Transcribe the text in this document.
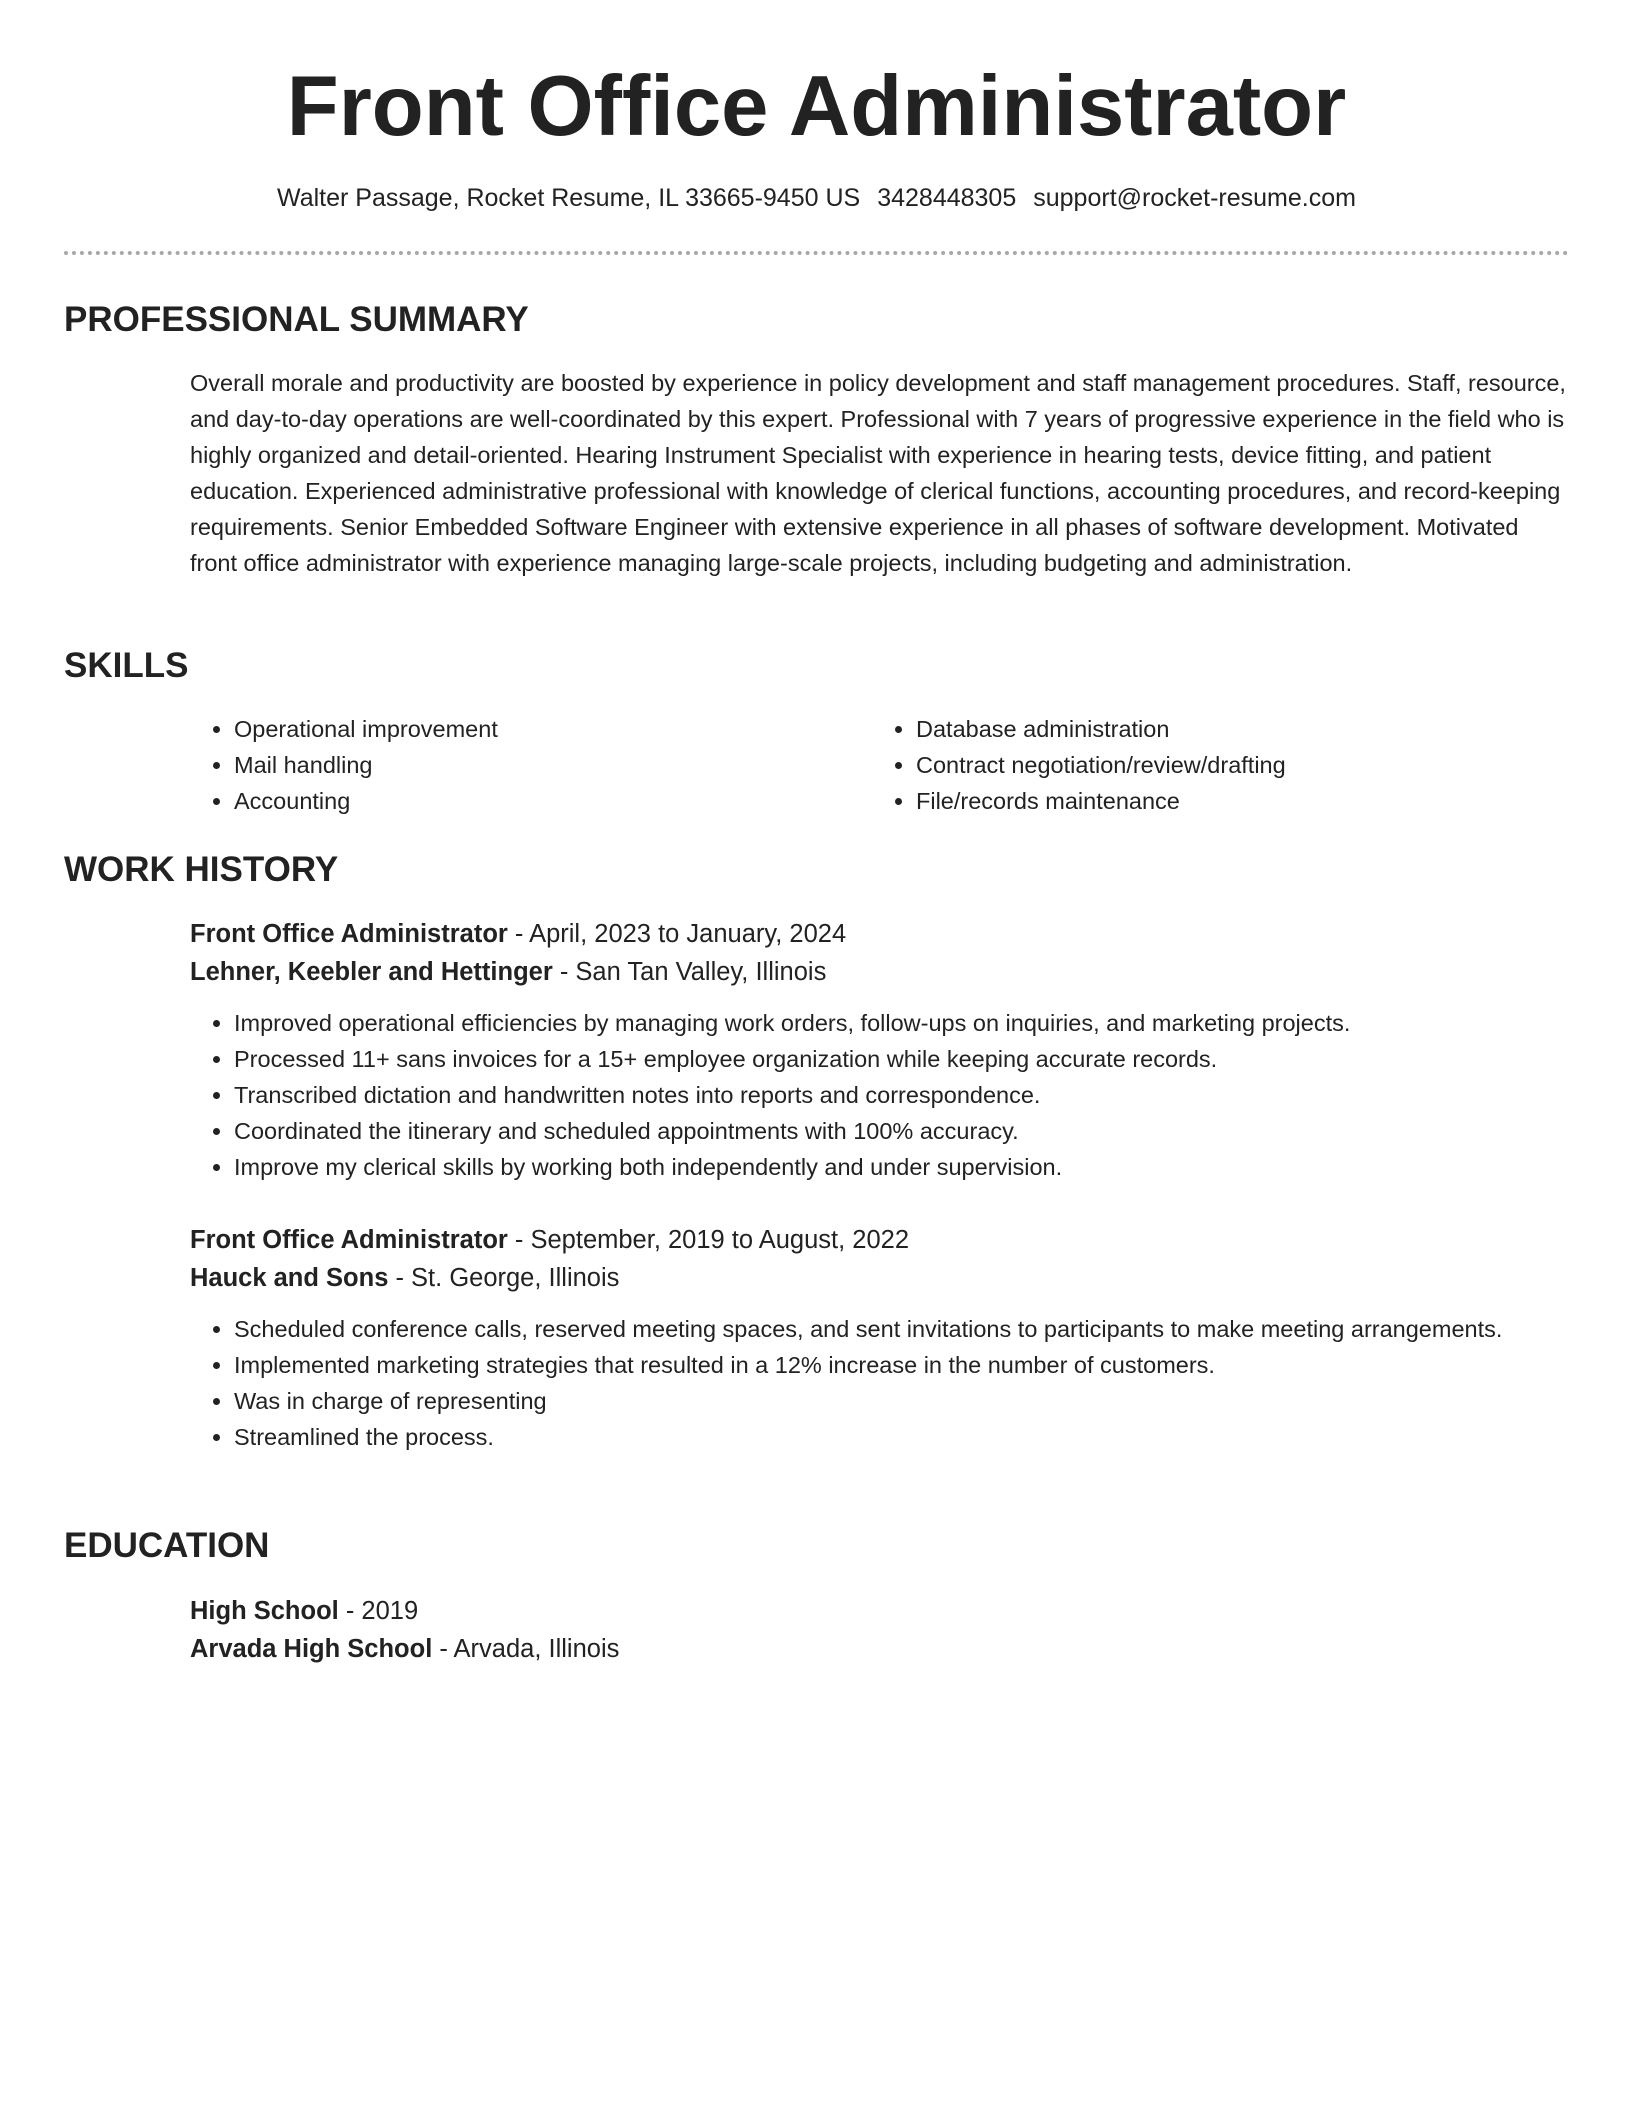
Front Office Administrator
Walter Passage, Rocket Resume, IL 33665-9450 US 3428448305 support@rocket-resume.com
PROFESSIONAL SUMMARY
Overall morale and productivity are boosted by experience in policy development and staff management procedures. Staff, resource, and day-to-day operations are well-coordinated by this expert. Professional with 7 years of progressive experience in the field who is highly organized and detail-oriented. Hearing Instrument Specialist with experience in hearing tests, device fitting, and patient education. Experienced administrative professional with knowledge of clerical functions, accounting procedures, and record-keeping requirements. Senior Embedded Software Engineer with extensive experience in all phases of software development. Motivated front office administrator with experience managing large-scale projects, including budgeting and administration.
SKILLS
• Operational improvement
• Mail handling
• Accounting
• Database administration
• Contract negotiation/review/drafting
• File/records maintenance
WORK HISTORY
Front Office Administrator - April, 2023 to January, 2024
Lehner, Keebler and Hettinger - San Tan Valley, Illinois
• Improved operational efficiencies by managing work orders, follow-ups on inquiries, and marketing projects.
• Processed 11+ sans invoices for a 15+ employee organization while keeping accurate records.
• Transcribed dictation and handwritten notes into reports and correspondence.
• Coordinated the itinerary and scheduled appointments with 100% accuracy.
• Improve my clerical skills by working both independently and under supervision.
Front Office Administrator - September, 2019 to August, 2022
Hauck and Sons - St. George, Illinois
• Scheduled conference calls, reserved meeting spaces, and sent invitations to participants to make meeting arrangements.
• Implemented marketing strategies that resulted in a 12% increase in the number of customers.
• Was in charge of representing
• Streamlined the process.
EDUCATION
High School - 2019
Arvada High School - Arvada, Illinois
